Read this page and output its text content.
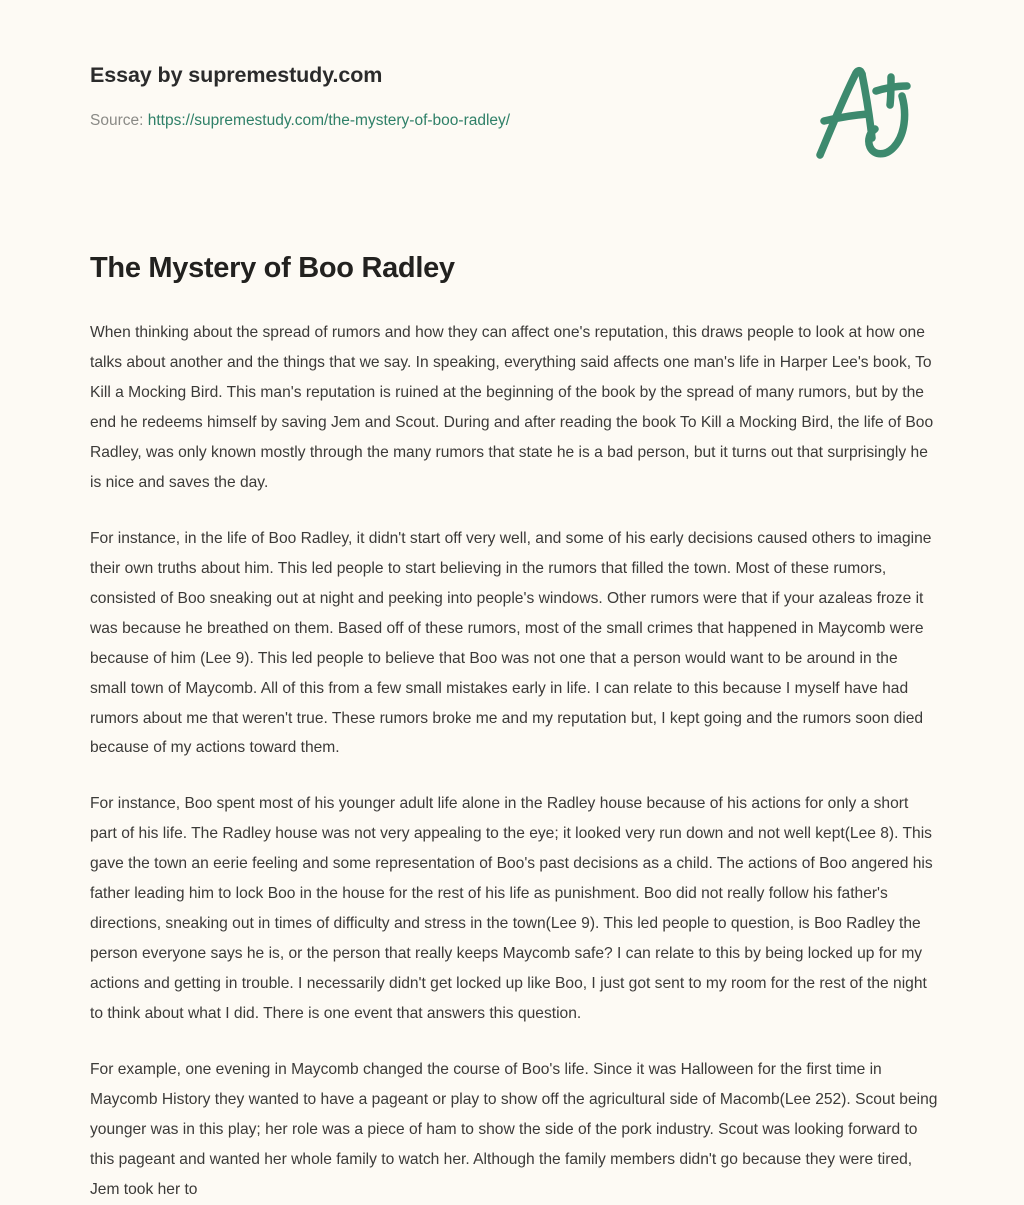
Essay by supremestudy.com
Source: https://supremestudy.com/the-mystery-of-boo-radley/
The Mystery of Boo Radley

When thinking about the spread of rumors and how they can affect one's reputation, this draws people to look at how one talks about another and the things that we say. In speaking, everything said affects one man's life in Harper Lee's book, To Kill a Mocking Bird. This man's reputation is ruined at the beginning of the book by the spread of many rumors, but by the end he redeems himself by saving Jem and Scout. During and after reading the book To Kill a Mocking Bird, the life of Boo Radley, was only known mostly through the many rumors that state he is a bad person, but it turns out that surprisingly he is nice and saves the day.

For instance, in the life of Boo Radley, it didn't start off very well, and some of his early decisions caused others to imagine their own truths about him. This led people to start believing in the rumors that filled the town. Most of these rumors, consisted of Boo sneaking out at night and peeking into people's windows. Other rumors were that if your azaleas froze it was because he breathed on them. Based off of these rumors, most of the small crimes that happened in Maycomb were because of him (Lee 9). This led people to believe that Boo was not one that a person would want to be around in the small town of Maycomb. All of this from a few small mistakes early in life. I can relate to this because I myself have had rumors about me that weren't true. These rumors broke me and my reputation but, I kept going and the rumors soon died because of my actions toward them.

For instance, Boo spent most of his younger adult life alone in the Radley house because of his actions for only a short part of his life. The Radley house was not very appealing to the eye; it looked very run down and not well kept(Lee 8). This gave the town an eerie feeling and some representation of Boo's past decisions as a child. The actions of Boo angered his father leading him to lock Boo in the house for the rest of his life as punishment. Boo did not really follow his father's directions, sneaking out in times of difficulty and stress in the town(Lee 9). This led people to question, is Boo Radley the person everyone says he is, or the person that really keeps Maycomb safe? I can relate to this by being locked up for my actions and getting in trouble. I necessarily didn't get locked up like Boo, I just got sent to my room for the rest of the night to think about what I did. There is one event that answers this question.

For example, one evening in Maycomb changed the course of Boo's life. Since it was Halloween for the first time in Maycomb History they wanted to have a pageant or play to show off the agricultural side of Macomb(Lee 252). Scout being younger was in this play; her role was a piece of ham to show the side of the pork industry. Scout was looking forward to this pageant and wanted her whole family to watch her. Although the family members didn't go because they were tired, Jem took her to
